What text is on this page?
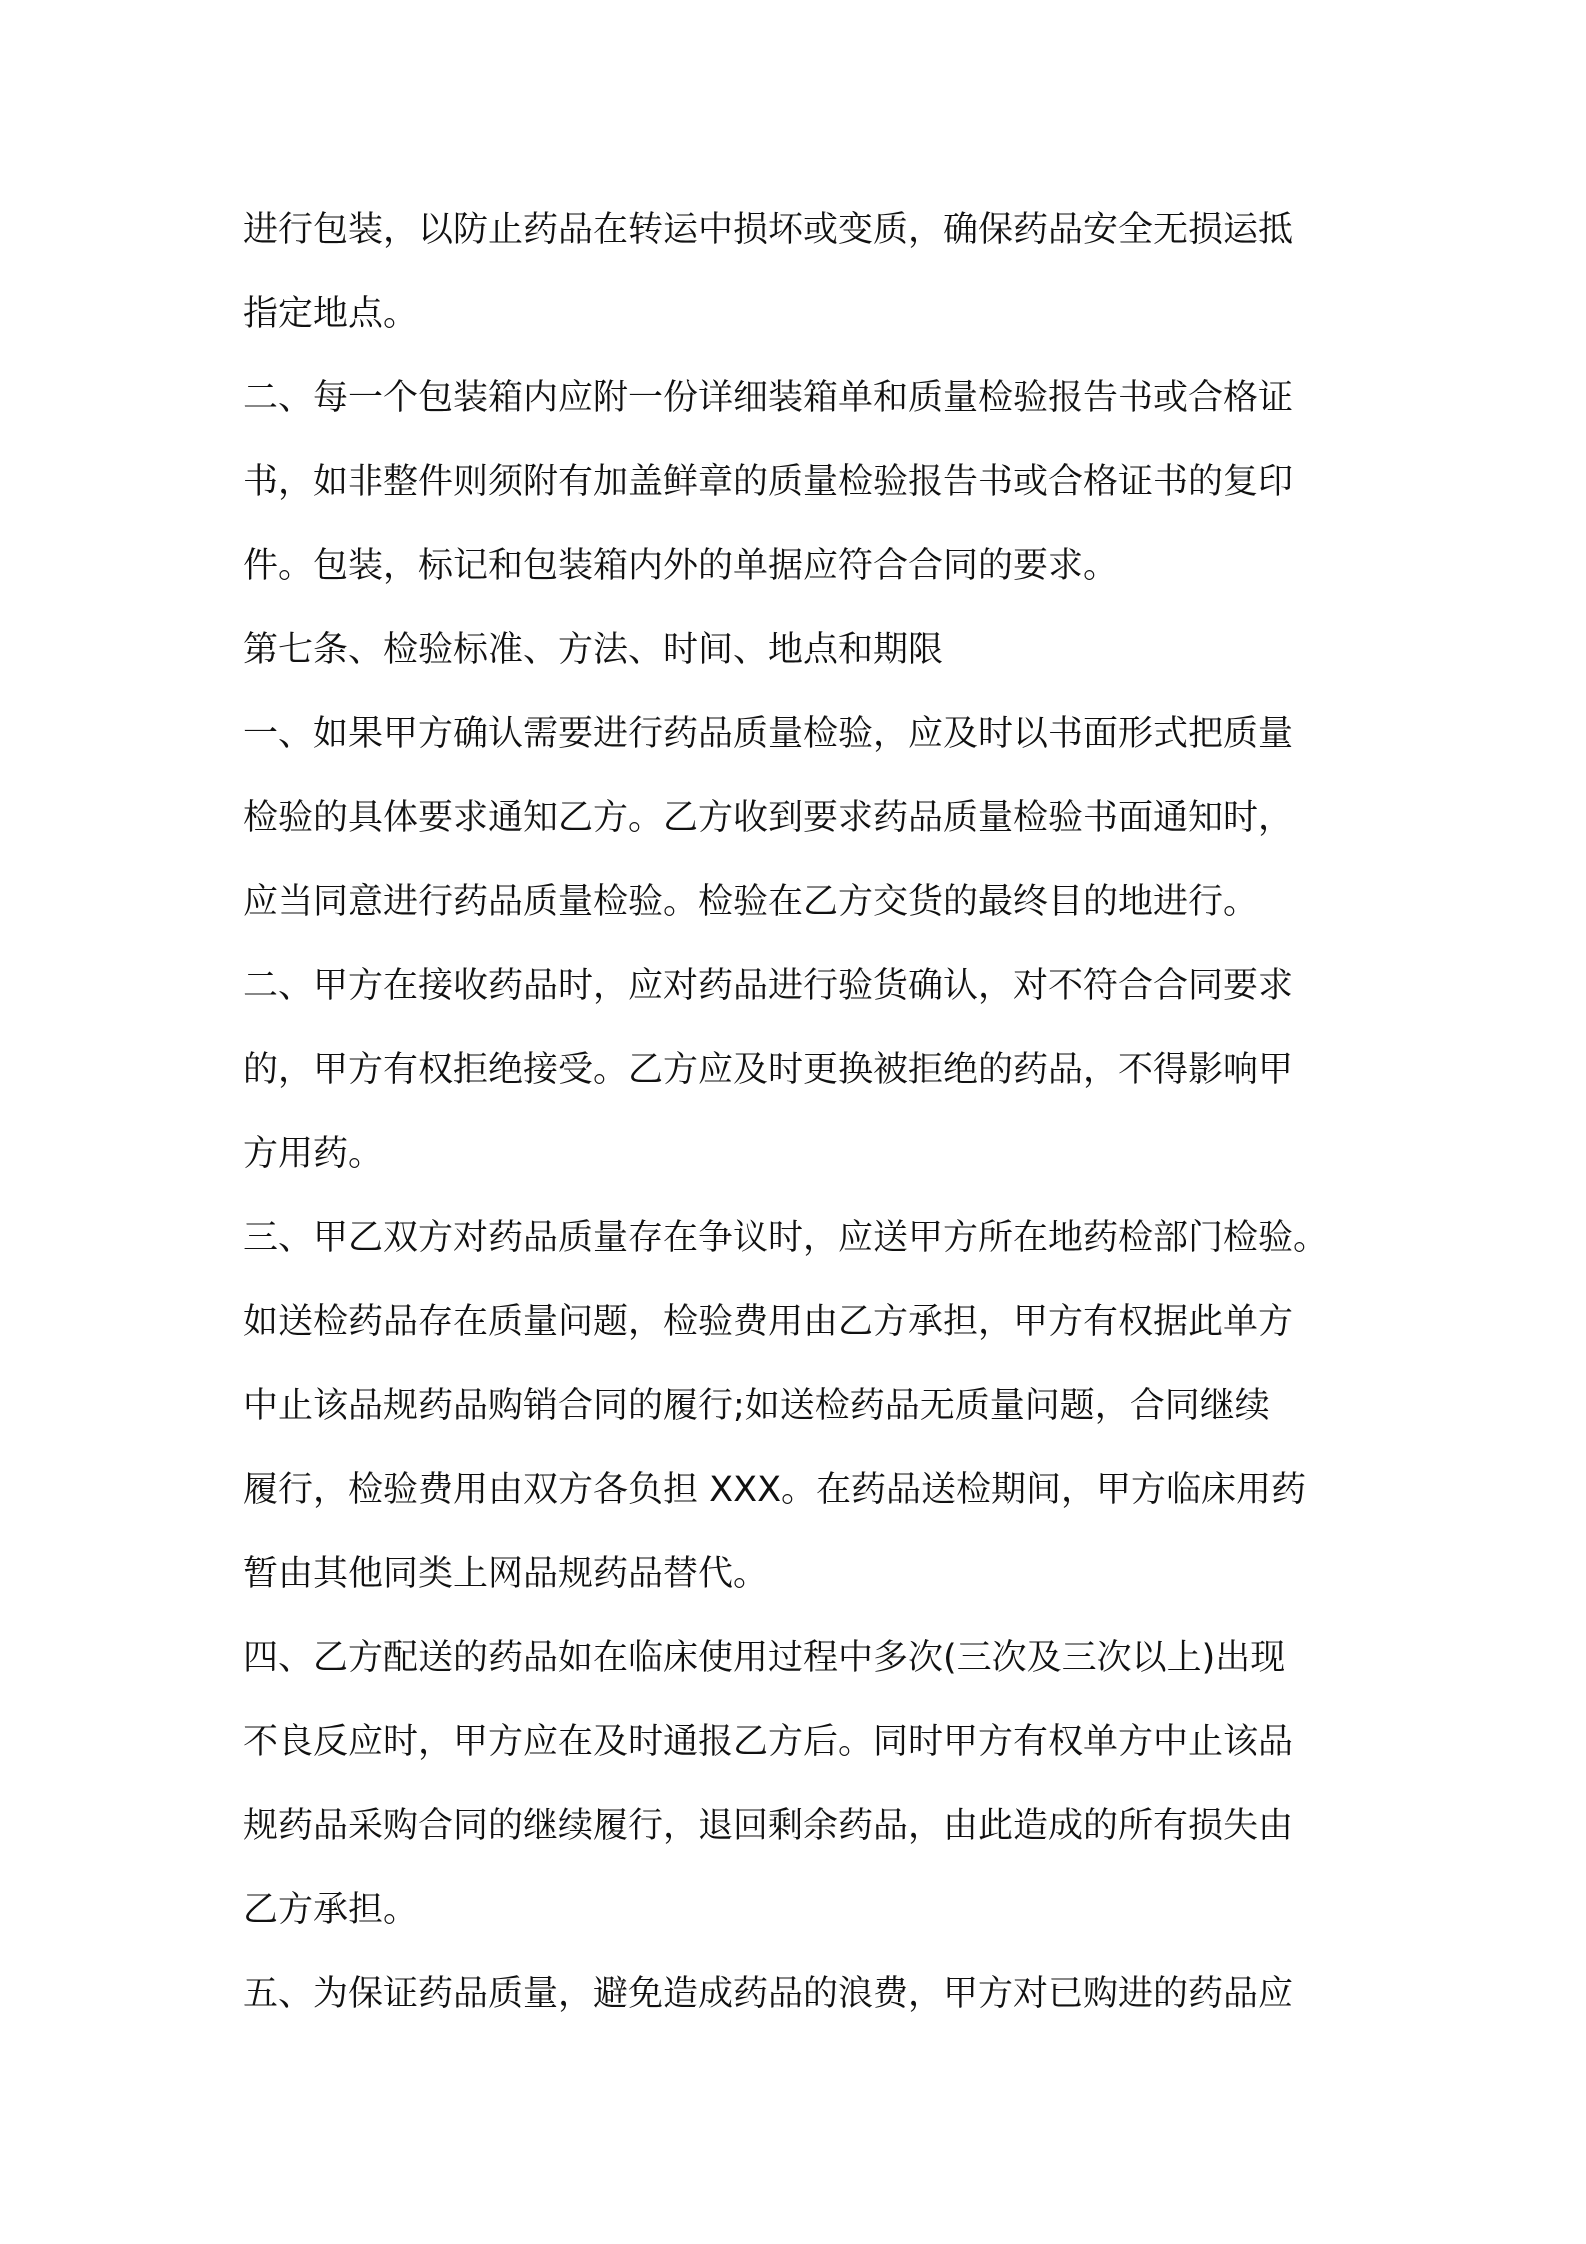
进行包装，以防止药品在转运中损坏或变质，确保药品安全无损运抵
指定地点。
二、每一个包装箱内应附一份详细装箱单和质量检验报告书或合格证
书，如非整件则须附有加盖鲜章的质量检验报告书或合格证书的复印
件。包装，标记和包装箱内外的单据应符合合同的要求。
第七条、检验标准、方法、时间、地点和期限
一、如果甲方确认需要进行药品质量检验，应及时以书面形式把质量
检验的具体要求通知乙方。乙方收到要求药品质量检验书面通知时，
应当同意进行药品质量检验。检验在乙方交货的最终目的地进行。
二、甲方在接收药品时，应对药品进行验货确认，对不符合合同要求
的，甲方有权拒绝接受。乙方应及时更换被拒绝的药品，不得影响甲
方用药。
三、甲乙双方对药品质量存在争议时，应送甲方所在地药检部门检验。
如送检药品存在质量问题，检验费用由乙方承担，甲方有权据此单方
中止该品规药品购销合同的履行;如送检药品无质量问题，合同继续
履行，检验费用由双方各负担 XXX。在药品送检期间，甲方临床用药
暂由其他同类上网品规药品替代。
四、乙方配送的药品如在临床使用过程中多次(三次及三次以上)出现
不良反应时，甲方应在及时通报乙方后。同时甲方有权单方中止该品
规药品采购合同的继续履行，退回剩余药品，由此造成的所有损失由
乙方承担。
五、为保证药品质量，避免造成药品的浪费，甲方对已购进的药品应
